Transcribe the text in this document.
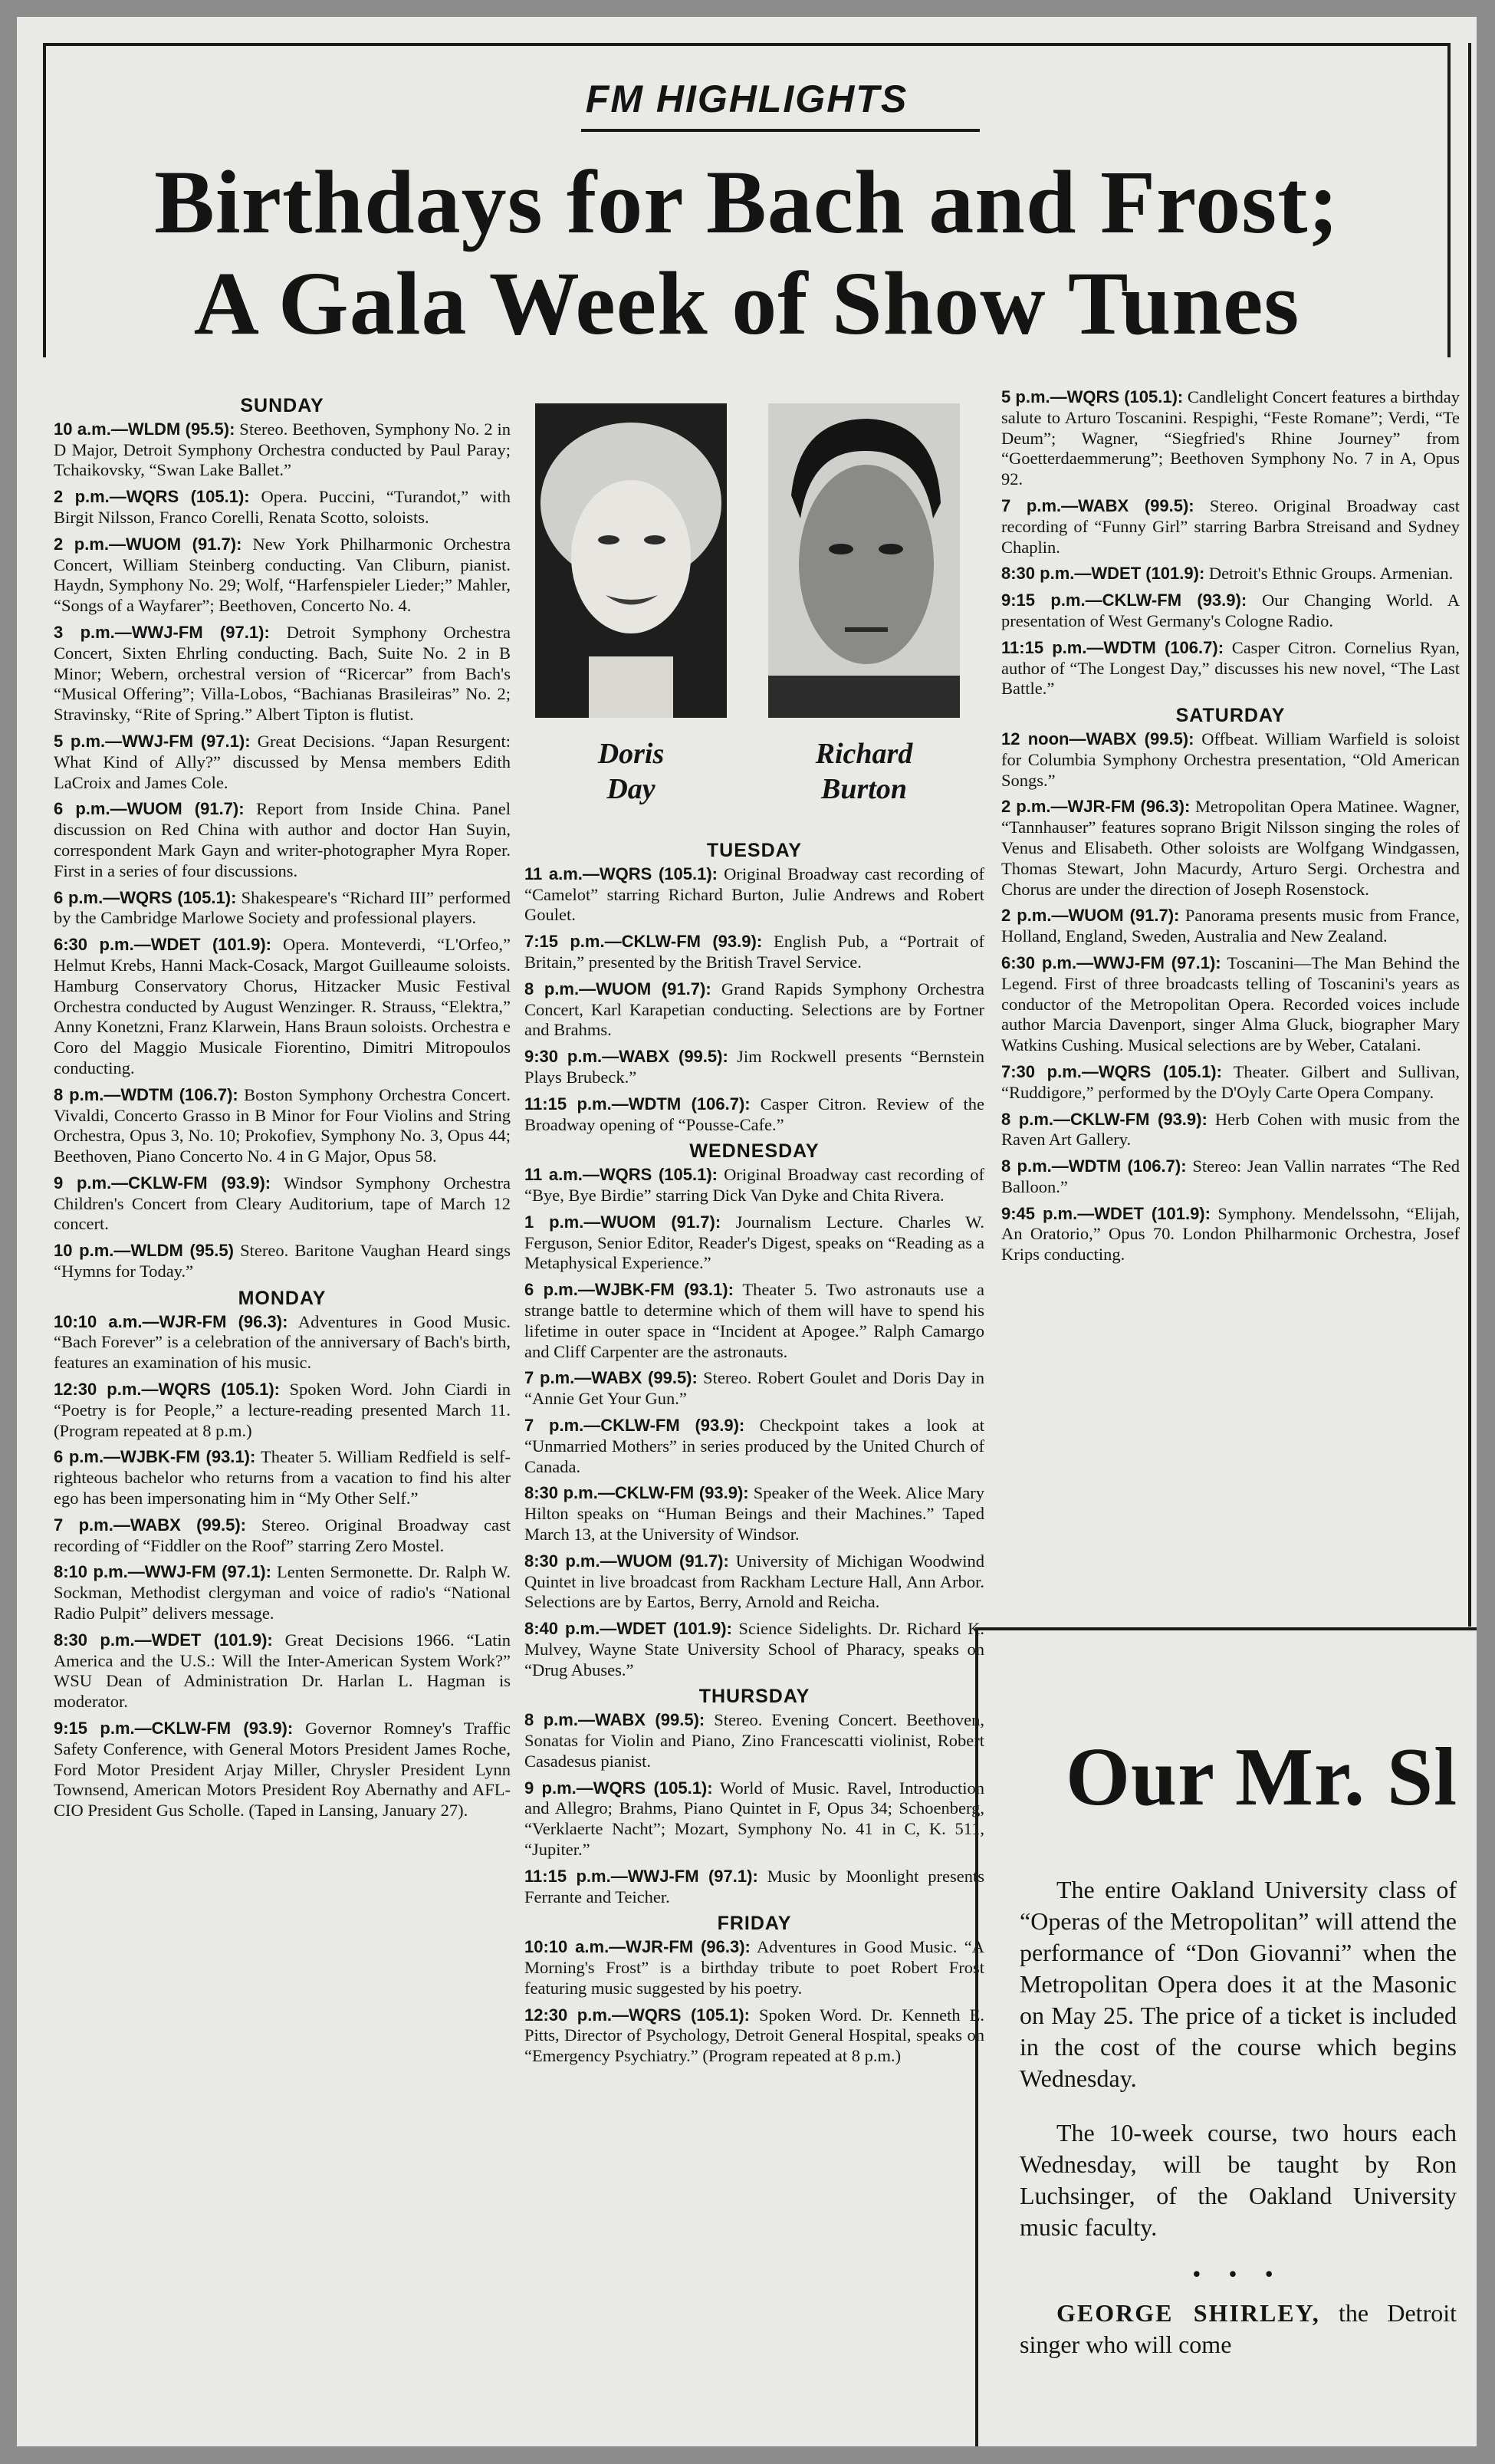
FM HIGHLIGHTS
Birthdays for Bach and Frost;
A Gala Week of Show Tunes
Doris
Day
Richard
Burton
SUNDAY

10 a.m.—WLDM (95.5): Stereo. Beethoven, Symphony No. 2 in D Major, Detroit Symphony Orchestra conducted by Paul Paray; Tchaikovsky, “Swan Lake Ballet.”

2 p.m.—WQRS (105.1): Opera. Puccini, “Turandot,” with Birgit Nilsson, Franco Corelli, Renata Scotto, soloists.

2 p.m.—WUOM (91.7): New York Philharmonic Orchestra Concert, William Steinberg conducting. Van Cliburn, pianist. Haydn, Symphony No. 29; Wolf, “Harfenspieler Lieder;” Mahler, “Songs of a Wayfarer”; Beethoven, Concerto No. 4.

3 p.m.—WWJ-FM (97.1): Detroit Symphony Orchestra Concert, Sixten Ehrling conducting. Bach, Suite No. 2 in B Minor; Webern, orchestral version of “Ricercar” from Bach's “Musical Offering”; Villa-Lobos, “Bachianas Brasileiras” No. 2; Stravinsky, “Rite of Spring.” Albert Tipton is flutist.

5 p.m.—WWJ-FM (97.1): Great Decisions. “Japan Resurgent: What Kind of Ally?” discussed by Mensa members Edith LaCroix and James Cole.

6 p.m.—WUOM (91.7): Report from Inside China. Panel discussion on Red China with author and doctor Han Suyin, correspondent Mark Gayn and writer-photographer Myra Roper. First in a series of four discussions.

6 p.m.—WQRS (105.1): Shakespeare's “Richard III” performed by the Cambridge Marlowe Society and professional players.

6:30 p.m.—WDET (101.9): Opera. Monteverdi, “L'Orfeo,” Helmut Krebs, Hanni Mack-Cosack, Margot Guilleaume soloists. Hamburg Conservatory Chorus, Hitzacker Music Festival Orchestra conducted by August Wenzinger. R. Strauss, “Elektra,” Anny Konetzni, Franz Klarwein, Hans Braun soloists. Orchestra e Coro del Maggio Musicale Fiorentino, Dimitri Mitropoulos conducting.

8 p.m.—WDTM (106.7): Boston Symphony Orchestra Concert. Vivaldi, Concerto Grasso in B Minor for Four Violins and String Orchestra, Opus 3, No. 10; Prokofiev, Symphony No. 3, Opus 44; Beethoven, Piano Concerto No. 4 in G Major, Opus 58.

9 p.m.—CKLW-FM (93.9): Windsor Symphony Orchestra Children's Concert from Cleary Auditorium, tape of March 12 concert.

10 p.m.—WLDM (95.5) Stereo. Baritone Vaughan Heard sings “Hymns for Today.”

MONDAY

10:10 a.m.—WJR-FM (96.3): Adventures in Good Music. “Bach Forever” is a celebration of the anniversary of Bach's birth, features an examination of his music.

12:30 p.m.—WQRS (105.1): Spoken Word. John Ciardi in “Poetry is for People,” a lecture-reading presented March 11. (Program repeated at 8 p.m.)

6 p.m.—WJBK-FM (93.1): Theater 5. William Redfield is self-righteous bachelor who returns from a vacation to find his alter ego has been impersonating him in “My Other Self.”

7 p.m.—WABX (99.5): Stereo. Original Broadway cast recording of “Fiddler on the Roof” starring Zero Mostel.

8:10 p.m.—WWJ-FM (97.1): Lenten Sermonette. Dr. Ralph W. Sockman, Methodist clergyman and voice of radio's “National Radio Pulpit” delivers message.

8:30 p.m.—WDET (101.9): Great Decisions 1966. “Latin America and the U.S.: Will the Inter-American System Work?” WSU Dean of Administration Dr. Harlan L. Hagman is moderator.

9:15 p.m.—CKLW-FM (93.9): Governor Romney's Traffic Safety Conference, with General Motors President James Roche, Ford Motor President Arjay Miller, Chrysler President Lynn Townsend, American Motors President Roy Abernathy and AFL-CIO President Gus Scholle. (Taped in Lansing, January 27).

TUESDAY

11 a.m.—WQRS (105.1): Original Broadway cast recording of “Camelot” starring Richard Burton, Julie Andrews and Robert Goulet.

7:15 p.m.—CKLW-FM (93.9): English Pub, a “Portrait of Britain,” presented by the British Travel Service.

8 p.m.—WUOM (91.7): Grand Rapids Symphony Orchestra Concert, Karl Karapetian conducting. Selections are by Fortner and Brahms.

9:30 p.m.—WABX (99.5): Jim Rockwell presents “Bernstein Plays Brubeck.”

11:15 p.m.—WDTM (106.7): Casper Citron. Review of the Broadway opening of “Pousse-Cafe.”

WEDNESDAY

11 a.m.—WQRS (105.1): Original Broadway cast recording of “Bye, Bye Birdie” starring Dick Van Dyke and Chita Rivera.

1 p.m.—WUOM (91.7): Journalism Lecture. Charles W. Ferguson, Senior Editor, Reader's Digest, speaks on “Reading as a Metaphysical Experience.”

6 p.m.—WJBK-FM (93.1): Theater 5. Two astronauts use a strange battle to determine which of them will have to spend his lifetime in outer space in “Incident at Apogee.” Ralph Camargo and Cliff Carpenter are the astronauts.

7 p.m.—WABX (99.5): Stereo. Robert Goulet and Doris Day in “Annie Get Your Gun.”

7 p.m.—CKLW-FM (93.9): Checkpoint takes a look at “Unmarried Mothers” in series produced by the United Church of Canada.

8:30 p.m.—CKLW-FM (93.9): Speaker of the Week. Alice Mary Hilton speaks on “Human Beings and their Machines.” Taped March 13, at the University of Windsor.

8:30 p.m.—WUOM (91.7): University of Michigan Woodwind Quintet in live broadcast from Rackham Lecture Hall, Ann Arbor. Selections are by Eartos, Berry, Arnold and Reicha.

8:40 p.m.—WDET (101.9): Science Sidelights. Dr. Richard K. Mulvey, Wayne State University School of Pharacy, speaks on “Drug Abuses.”

THURSDAY

8 p.m.—WABX (99.5): Stereo. Evening Concert. Beethoven, Sonatas for Violin and Piano, Zino Francescatti violinist, Robert Casadesus pianist.

9 p.m.—WQRS (105.1): World of Music. Ravel, Introduction and Allegro; Brahms, Piano Quintet in F, Opus 34; Schoenberg, “Verklaerte Nacht”; Mozart, Symphony No. 41 in C, K. 511, “Jupiter.”

11:15 p.m.—WWJ-FM (97.1): Music by Moonlight presents Ferrante and Teicher.

FRIDAY

10:10 a.m.—WJR-FM (96.3): Adventures in Good Music. “A Morning's Frost” is a birthday tribute to poet Robert Frost featuring music suggested by his poetry.

12:30 p.m.—WQRS (105.1): Spoken Word. Dr. Kenneth E. Pitts, Director of Psychology, Detroit General Hospital, speaks on “Emergency Psychiatry.” (Program repeated at 8 p.m.)

5 p.m.—WQRS (105.1): Candlelight Concert features a birthday salute to Arturo Toscanini. Respighi, “Feste Romane”; Verdi, “Te Deum”; Wagner, “Siegfried's Rhine Journey” from “Goetterdaemmerung”; Beethoven Symphony No. 7 in A, Opus 92.

7 p.m.—WABX (99.5): Stereo. Original Broadway cast recording of “Funny Girl” starring Barbra Streisand and Sydney Chaplin.

8:30 p.m.—WDET (101.9): Detroit's Ethnic Groups. Armenian.

9:15 p.m.—CKLW-FM (93.9): Our Changing World. A presentation of West Germany's Cologne Radio.

11:15 p.m.—WDTM (106.7): Casper Citron. Cornelius Ryan, author of “The Longest Day,” discusses his new novel, “The Last Battle.”

SATURDAY

12 noon—WABX (99.5): Offbeat. William Warfield is soloist for Columbia Symphony Orchestra presentation, “Old American Songs.”

2 p.m.—WJR-FM (96.3): Metropolitan Opera Matinee. Wagner, “Tannhauser” features soprano Brigit Nilsson singing the roles of Venus and Elisabeth. Other soloists are Wolfgang Windgassen, Thomas Stewart, John Macurdy, Arturo Sergi. Orchestra and Chorus are under the direction of Joseph Rosenstock.

2 p.m.—WUOM (91.7): Panorama presents music from France, Holland, England, Sweden, Australia and New Zealand.

6:30 p.m.—WWJ-FM (97.1): Toscanini—The Man Behind the Legend. First of three broadcasts telling of Toscanini's years as conductor of the Metropolitan Opera. Recorded voices include author Marcia Davenport, singer Alma Gluck, biographer Mary Watkins Cushing. Musical selections are by Weber, Catalani.

7:30 p.m.—WQRS (105.1): Theater. Gilbert and Sullivan, “Ruddigore,” performed by the D'Oyly Carte Opera Company.

8 p.m.—CKLW-FM (93.9): Herb Cohen with music from the Raven Art Gallery.

8 p.m.—WDTM (106.7): Stereo: Jean Vallin narrates “The Red Balloon.”

9:45 p.m.—WDET (101.9): Symphony. Mendelssohn, “Elijah, An Oratorio,” Opus 70. London Philharmonic Orchestra, Josef Krips conducting.

Our Mr. Sl

The entire Oakland University class of “Operas of the Metropolitan” will attend the performance of “Don Giovanni” when the Metropolitan Opera does it at the Masonic on May 25. The price of a ticket is included in the cost of the course which begins Wednesday.

The 10-week course, two hours each Wednesday, will be taught by Ron Luchsinger, of the Oakland University music faculty.

• • •

GEORGE SHIRLEY, the Detroit singer who will come
